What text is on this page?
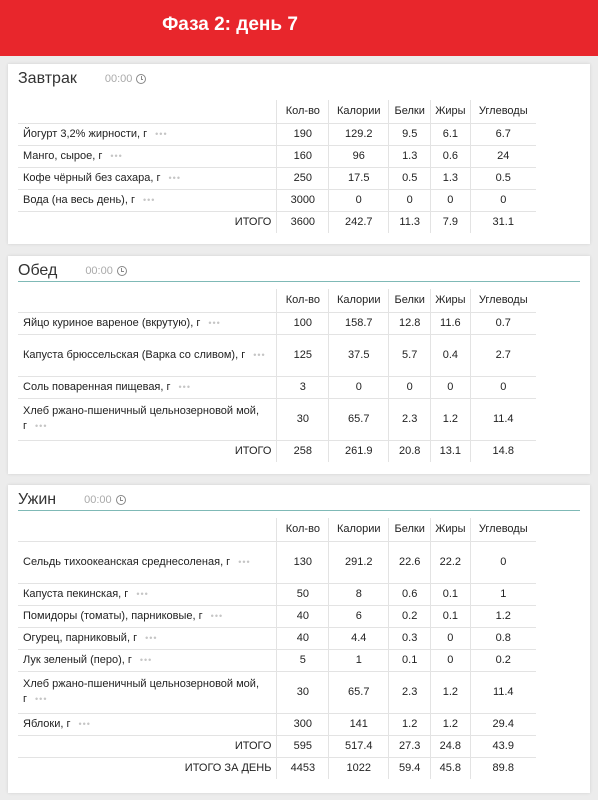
Фаза 2: день 7
Завтрак	00:00
	Кол-во	Калории	Белки	Жиры	Углеводы
Йогурт 3,2% жирности, г •••	190	129.2	9.5	6.1	6.7
Манго, сырое, г •••	160	96	1.3	0.6	24
Кофе чёрный без сахара, г •••	250	17.5	0.5	1.3	0.5
Вода (на весь день), г •••	3000	0	0	0	0
ИТОГО	3600	242.7	11.3	7.9	31.1
Обед	00:00
	Кол-во	Калории	Белки	Жиры	Углеводы
Яйцо куриное вареное (вкрутую), г •••	100	158.7	12.8	11.6	0.7
Капуста брюссельская (Варка со сливом), г •••	125	37.5	5.7	0.4	2.7
Соль поваренная пищевая, г •••	3	0	0	0	0
Хлеб ржано-пшеничный цельнозерновой мой, г •••	30	65.7	2.3	1.2	11.4
ИТОГО	258	261.9	20.8	13.1	14.8
Ужин	00:00
	Кол-во	Калории	Белки	Жиры	Углеводы
Сельдь тихоокеанская среднесоленая, г •••	130	291.2	22.6	22.2	0
Капуста пекинская, г •••	50	8	0.6	0.1	1
Помидоры (томаты), парниковые, г •••	40	6	0.2	0.1	1.2
Огурец, парниковый, г •••	40	4.4	0.3	0	0.8
Лук зеленый (перо), г •••	5	1	0.1	0	0.2
Хлеб ржано-пшеничный цельнозерновой мой, г •••	30	65.7	2.3	1.2	11.4
Яблоки, г •••	300	141	1.2	1.2	29.4
ИТОГО	595	517.4	27.3	24.8	43.9
ИТОГО ЗА ДЕНЬ	4453	1022	59.4	45.8	89.8
